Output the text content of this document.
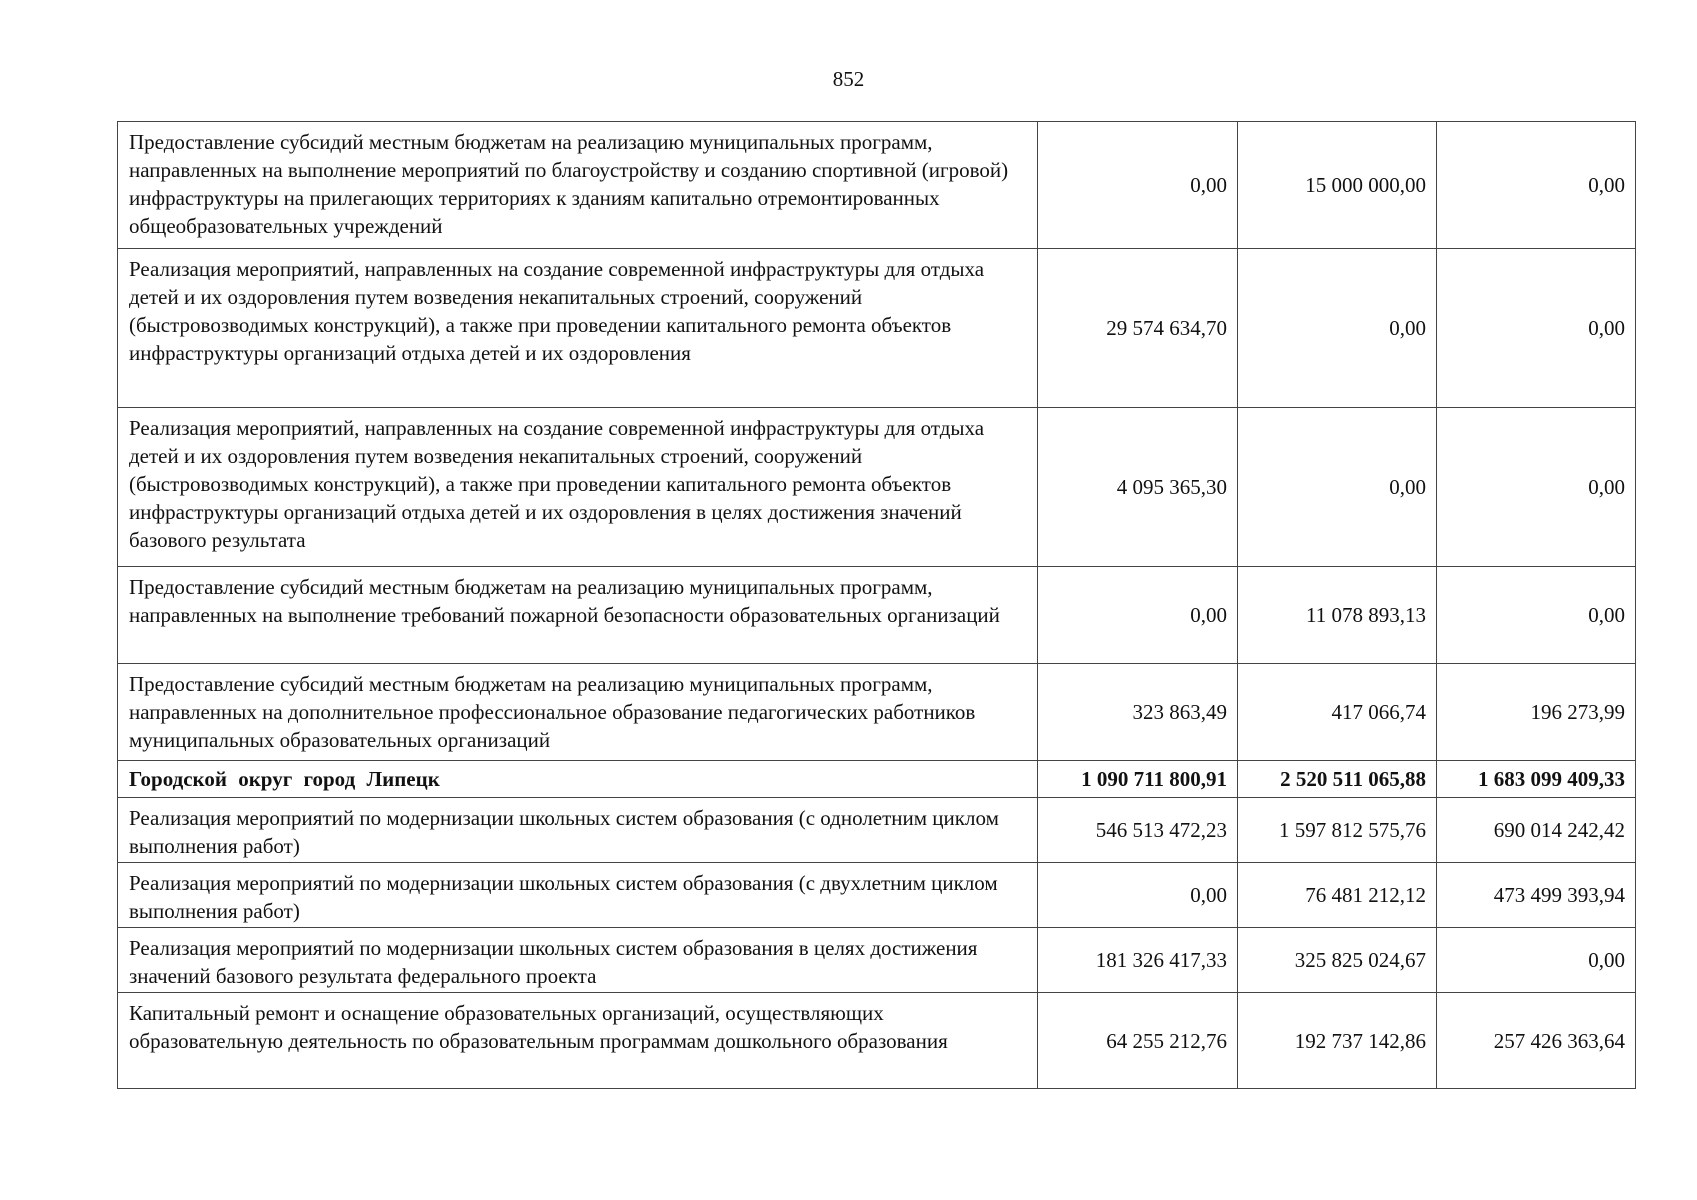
852
Предоставление субсидий местным бюджетам на реализацию муниципальных программ, направленных на выполнение мероприятий по благоустройству и созданию спортивной (игровой) инфраструктуры на прилегающих территориях к зданиям капитально отремонтированных общеобразовательных учреждений	0,00	15 000 000,00	0,00
Реализация мероприятий, направленных на создание современной инфраструктуры для отдыха детей и их оздоровления путем возведения некапитальных строений, сооружений (быстровозводимых конструкций), а также при проведении капитального ремонта объектов инфраструктуры организаций отдыха детей и их оздоровления	29 574 634,70	0,00	0,00
Реализация мероприятий, направленных на создание современной инфраструктуры для отдыха детей и их оздоровления путем возведения некапитальных строений, сооружений (быстровозводимых конструкций), а также при проведении капитального ремонта объектов инфраструктуры организаций отдыха детей и их оздоровления в целях достижения значений базового результата	4 095 365,30	0,00	0,00
Предоставление субсидий местным бюджетам на реализацию муниципальных программ, направленных на выполнение требований пожарной безопасности образовательных организаций	0,00	11 078 893,13	0,00
Предоставление субсидий местным бюджетам на реализацию муниципальных программ, направленных на дополнительное профессиональное образование педагогических работников муниципальных образовательных организаций	323 863,49	417 066,74	196 273,99
Городской округ город Липецк	1 090 711 800,91	2 520 511 065,88	1 683 099 409,33
Реализация мероприятий по модернизации школьных систем образования (с однолетним циклом выполнения работ)	546 513 472,23	1 597 812 575,76	690 014 242,42
Реализация мероприятий по модернизации школьных систем образования (с двухлетним циклом выполнения работ)	0,00	76 481 212,12	473 499 393,94
Реализация мероприятий по модернизации школьных систем образования в целях достижения значений базового результата федерального проекта	181 326 417,33	325 825 024,67	0,00
Капитальный ремонт и оснащение образовательных организаций, осуществляющих образовательную деятельность по образовательным программам дошкольного образования	64 255 212,76	192 737 142,86	257 426 363,64
